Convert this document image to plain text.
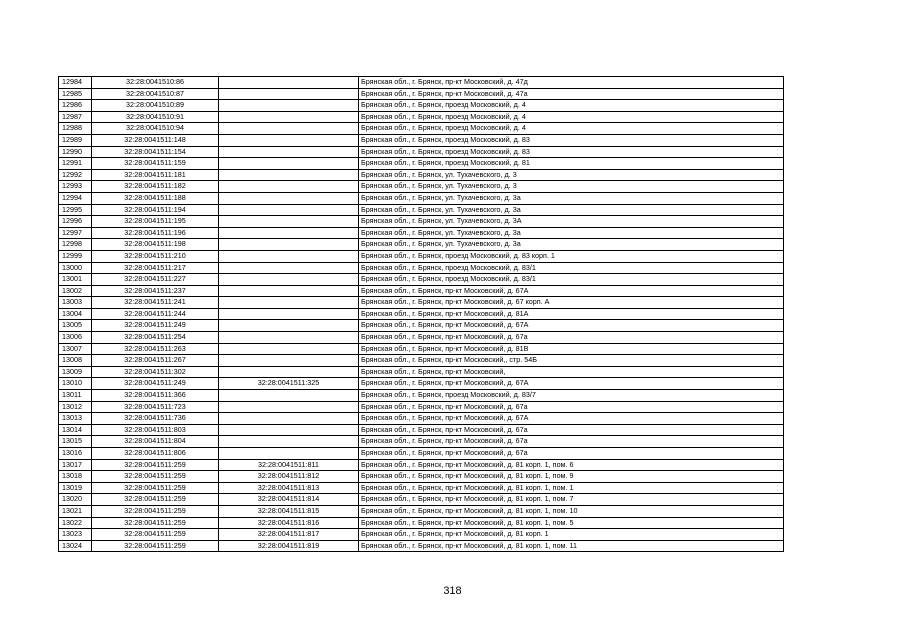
12984	32:28:0041510:86		Брянская обл., г. Брянск, пр-кт Московский, д. 47д
12985	32:28:0041510:87		Брянская обл., г. Брянск, пр-кт Московский, д. 47а
12986	32:28:0041510:89		Брянская обл., г. Брянск, проезд Московский, д. 4
12987	32:28:0041510:91		Брянская обл., г. Брянск, проезд Московский, д. 4
12988	32:28:0041510:94		Брянская обл., г. Брянск, проезд Московский, д. 4
12989	32:28:0041511:148		Брянская обл., г. Брянск, проезд Московский, д. 83
12990	32:28:0041511:154		Брянская обл., г. Брянск, проезд Московский, д. 83
12991	32:28:0041511:159		Брянская обл., г. Брянск, проезд Московский, д. 81
12992	32:28:0041511:181		Брянская обл., г. Брянск, ул. Тухачевского, д. 3
12993	32:28:0041511:182		Брянская обл., г. Брянск, ул. Тухачевского, д. 3
12994	32:28:0041511:188		Брянская обл., г. Брянск, ул. Тухачевского, д. 3а
12995	32:28:0041511:194		Брянская обл., г. Брянск, ул. Тухачевского, д. 3а
12996	32:28:0041511:195		Брянская обл., г. Брянск, ул. Тухачевского, д. 3А
12997	32:28:0041511:196		Брянская обл., г. Брянск, ул. Тухачевского, д. 3а
12998	32:28:0041511:198		Брянская обл., г. Брянск, ул. Тухачевского, д. 3а
12999	32:28:0041511:210		Брянская обл., г. Брянск, проезд Московский, д. 83 корп. 1
13000	32:28:0041511:217		Брянская обл., г. Брянск, проезд Московский, д. 83/1
13001	32:28:0041511:227		Брянская обл., г. Брянск, проезд Московский, д. 83/1
13002	32:28:0041511:237		Брянская обл., г. Брянск, пр-кт Московский, д. 67А
13003	32:28:0041511:241		Брянская обл., г. Брянск, пр-кт Московский, д. 67 корп. А
13004	32:28:0041511:244		Брянская обл., г. Брянск, пр-кт Московский, д. 81А
13005	32:28:0041511:249		Брянская обл., г. Брянск, пр-кт Московский, д. 67А
13006	32:28:0041511:254		Брянская обл., г. Брянск, пр-кт Московский, д. 67а
13007	32:28:0041511:263		Брянская обл., г. Брянск, пр-кт Московский, д. 81В
13008	32:28:0041511:267		Брянская обл., г. Брянск, пр-кт Московский,, стр. 54Б
13009	32:28:0041511:302		Брянская обл., г. Брянск, пр-кт Московский,
13010	32:28:0041511:249	32:28:0041511:325	Брянская обл., г. Брянск, пр-кт Московский, д. 67А
13011	32:28:0041511:366		Брянская обл., г. Брянск, проезд Московский, д. 83/7
13012	32:28:0041511:723		Брянская обл., г. Брянск, пр-кт Московский, д. 67а
13013	32:28:0041511:736		Брянская обл., г. Брянск, пр-кт Московский, д. 67А
13014	32:28:0041511:803		Брянская обл., г. Брянск, пр-кт Московский, д. 67а
13015	32:28:0041511:804		Брянская обл., г. Брянск, пр-кт Московский, д. 67а
13016	32:28:0041511:806		Брянская обл., г. Брянск, пр-кт Московский, д. 67а
13017	32:28:0041511:259	32:28:0041511:811	Брянская обл., г. Брянск, пр-кт Московский, д. 81 корп. 1, пом. 6
13018	32:28:0041511:259	32:28:0041511:812	Брянская обл., г. Брянск, пр-кт Московский, д. 81 корп. 1, пом. 9
13019	32:28:0041511:259	32:28:0041511:813	Брянская обл., г. Брянск, пр-кт Московский, д. 81 корп. 1, пом. 1
13020	32:28:0041511:259	32:28:0041511:814	Брянская обл., г. Брянск, пр-кт Московский, д. 81 корп. 1, пом. 7
13021	32:28:0041511:259	32:28:0041511:815	Брянская обл., г. Брянск, пр-кт Московский, д. 81 корп. 1, пом. 10
13022	32:28:0041511:259	32:28:0041511:816	Брянская обл., г. Брянск, пр-кт Московский, д. 81 корп. 1, пом. 5
13023	32:28:0041511:259	32:28:0041511:817	Брянская обл., г. Брянск, пр-кт Московский, д. 81 корп. 1
13024	32:28:0041511:259	32:28:0041511:819	Брянская обл., г. Брянск, пр-кт Московский, д. 81 корп. 1, пом. 11
318
